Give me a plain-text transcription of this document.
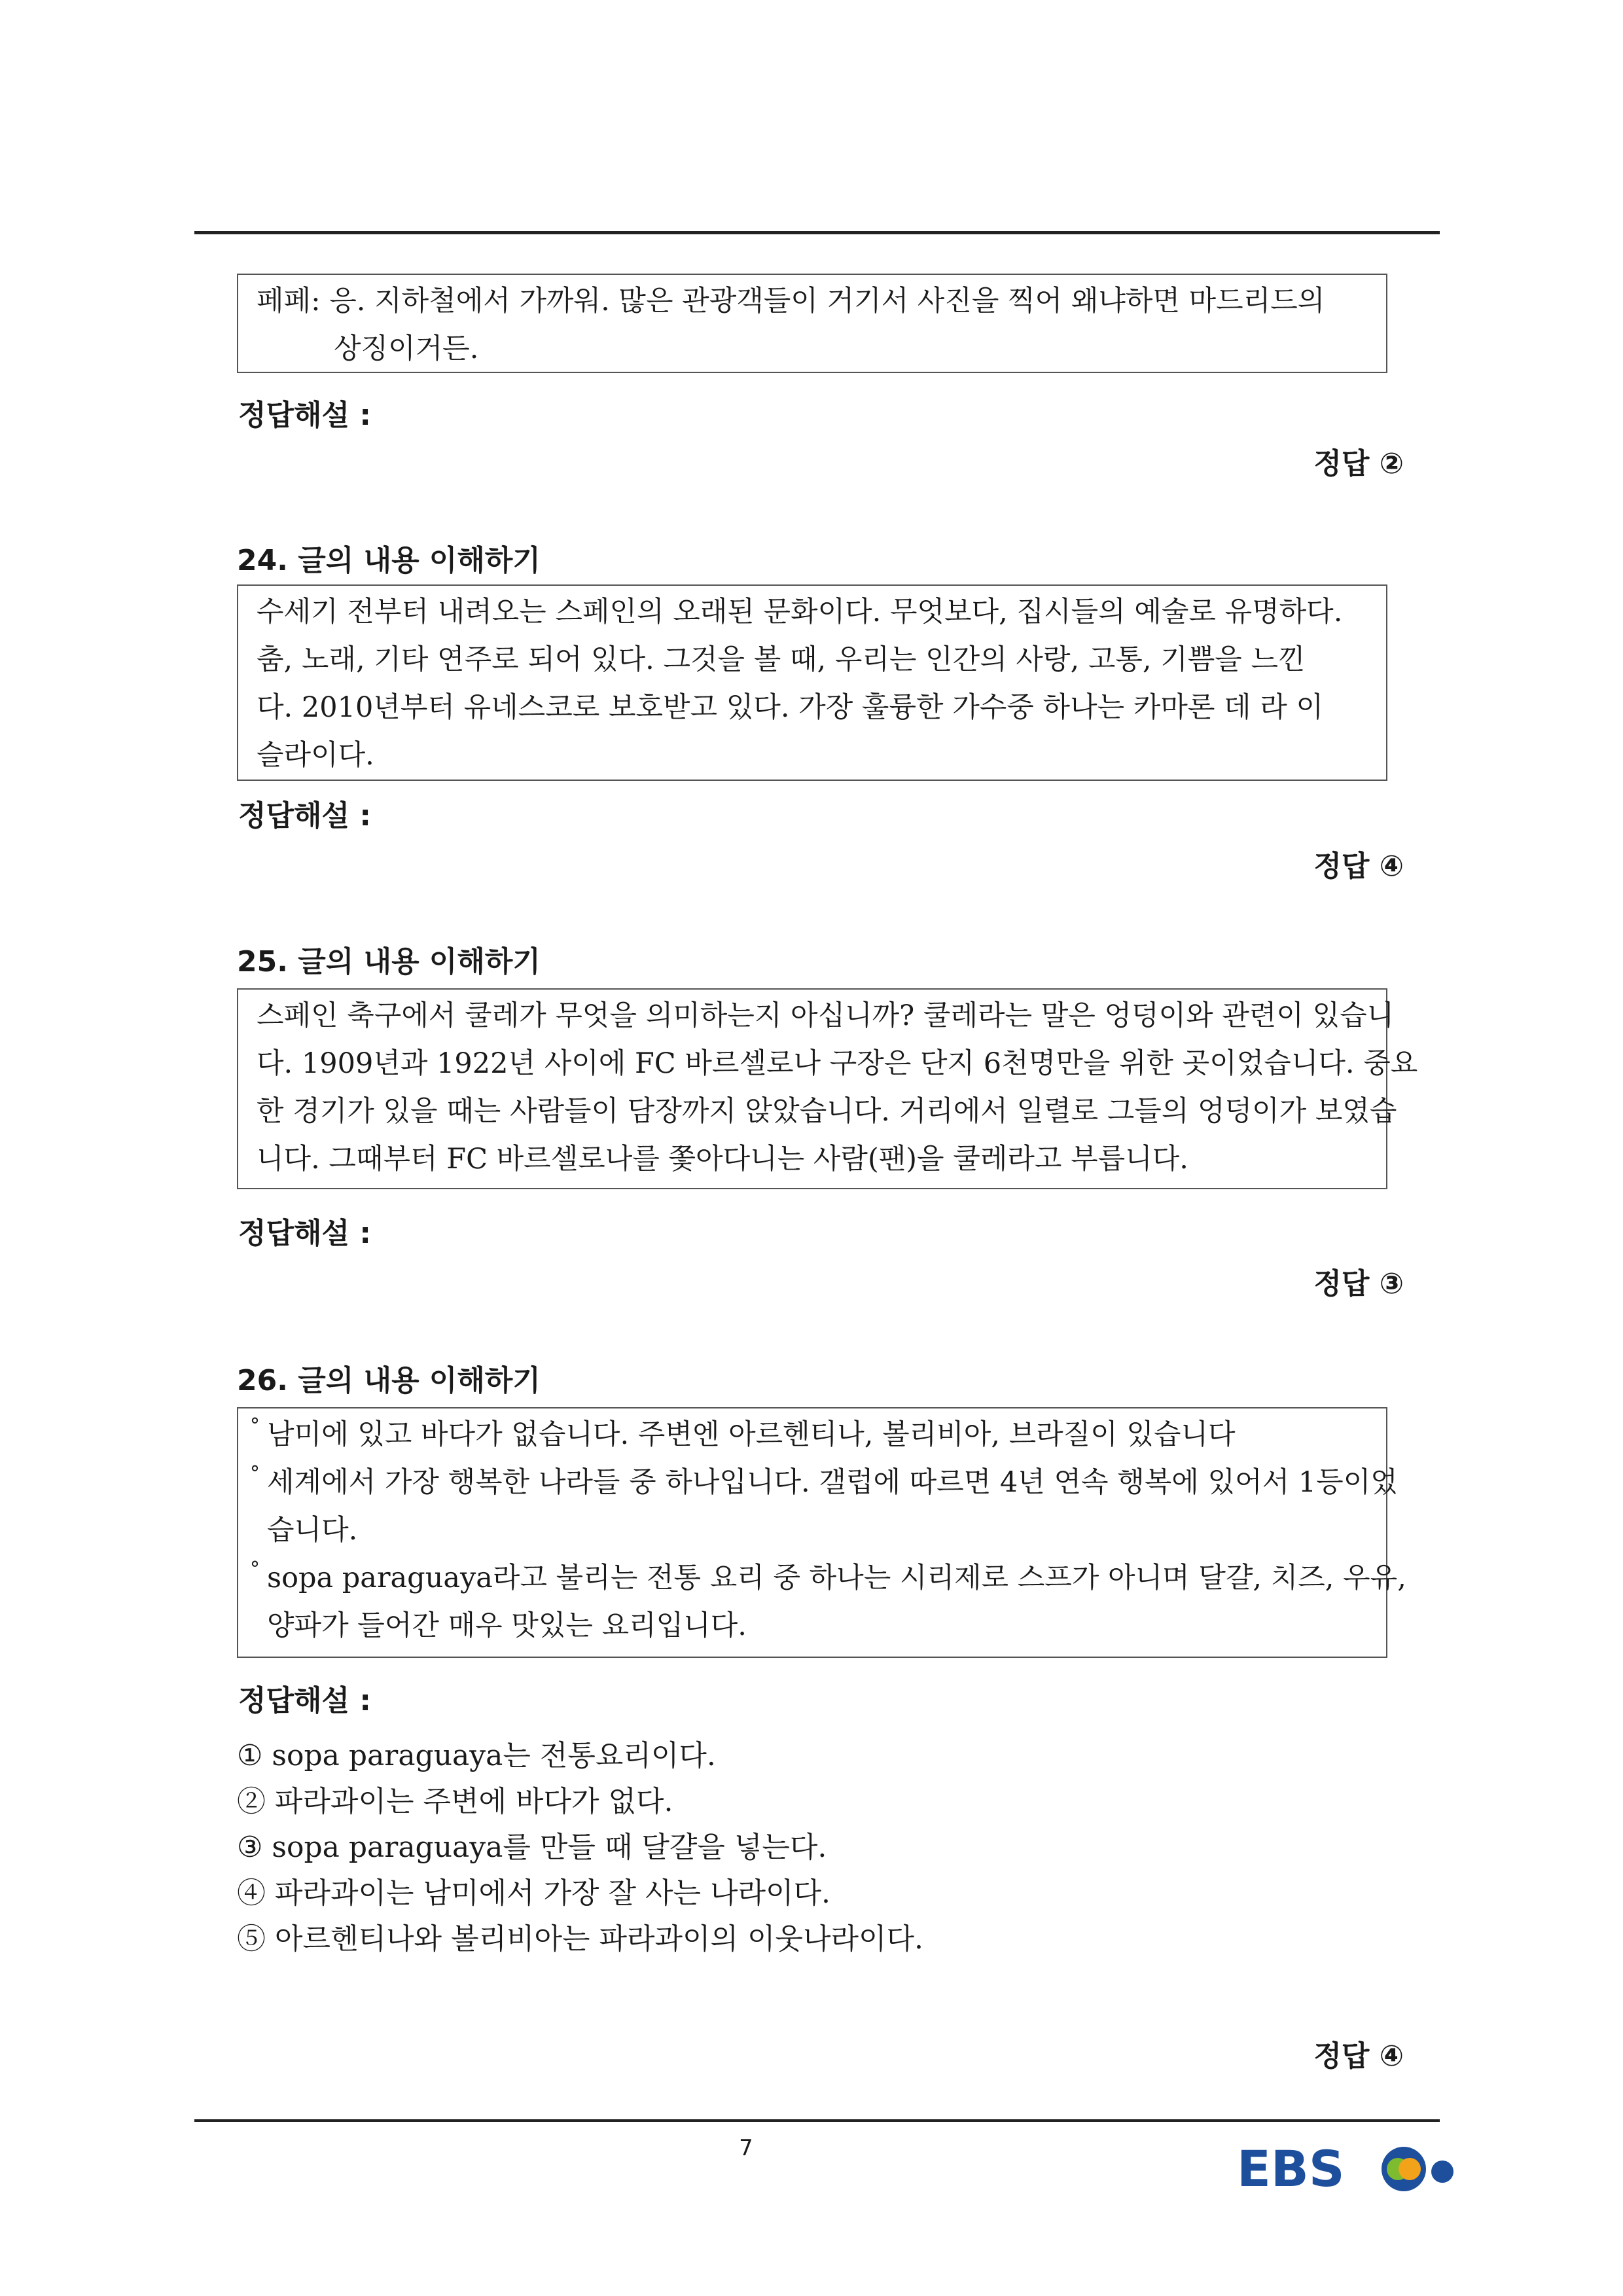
페페: 응. 지하철에서 가까워. 많은 관광객들이 거기서 사진을 찍어 왜냐하면 마드리드의
상징이거든.
정답해설 :
정답 ②
24. 글의 내용 이해하기
수세기 전부터 내려오는 스페인의 오래된 문화이다. 무엇보다, 집시들의 예술로 유명하다.
춤, 노래, 기타 연주로 되어 있다. 그것을 볼 때, 우리는 인간의 사랑, 고통, 기쁨을 느낀
다. 2010년부터 유네스코로 보호받고 있다. 가장 훌륭한 가수중 하나는 카마론 데 라 이
슬라이다.
정답해설 :
정답 ④
25. 글의 내용 이해하기
스페인 축구에서 쿨레가 무엇을 의미하는지 아십니까? 쿨레라는 말은 엉덩이와 관련이 있습니
다. 1909년과 1922년 사이에 FC 바르셀로나 구장은 단지 6천명만을 위한 곳이었습니다. 중요
한 경기가 있을 때는 사람들이 담장까지 앉았습니다. 거리에서 일렬로 그들의 엉덩이가 보였습
니다. 그때부터 FC 바르셀로나를 쫓아다니는 사람(팬)을 쿨레라고 부릅니다.
정답해설 :
정답 ③
26. 글의 내용 이해하기
° 남미에 있고 바다가 없습니다. 주변엔 아르헨티나, 볼리비아, 브라질이 있습니다
° 세계에서 가장 행복한 나라들 중 하나입니다. 갤럽에 따르면 4년 연속 행복에 있어서 1등이었
습니다.
° sopa paraguaya라고 불리는 전통 요리 중 하나는 시리제로 스프가 아니며 달걀, 치즈, 우유,
양파가 들어간 매우 맛있는 요리입니다.
정답해설 :
① sopa paraguaya는 전통요리이다.
② 파라과이는 주변에 바다가 없다.
③ sopa paraguaya를 만들 때 달걀을 넣는다.
④ 파라과이는 남미에서 가장 잘 사는 나라이다.
⑤ 아르헨티나와 볼리비아는 파라과이의 이웃나라이다.
정답 ④
7	EBS
